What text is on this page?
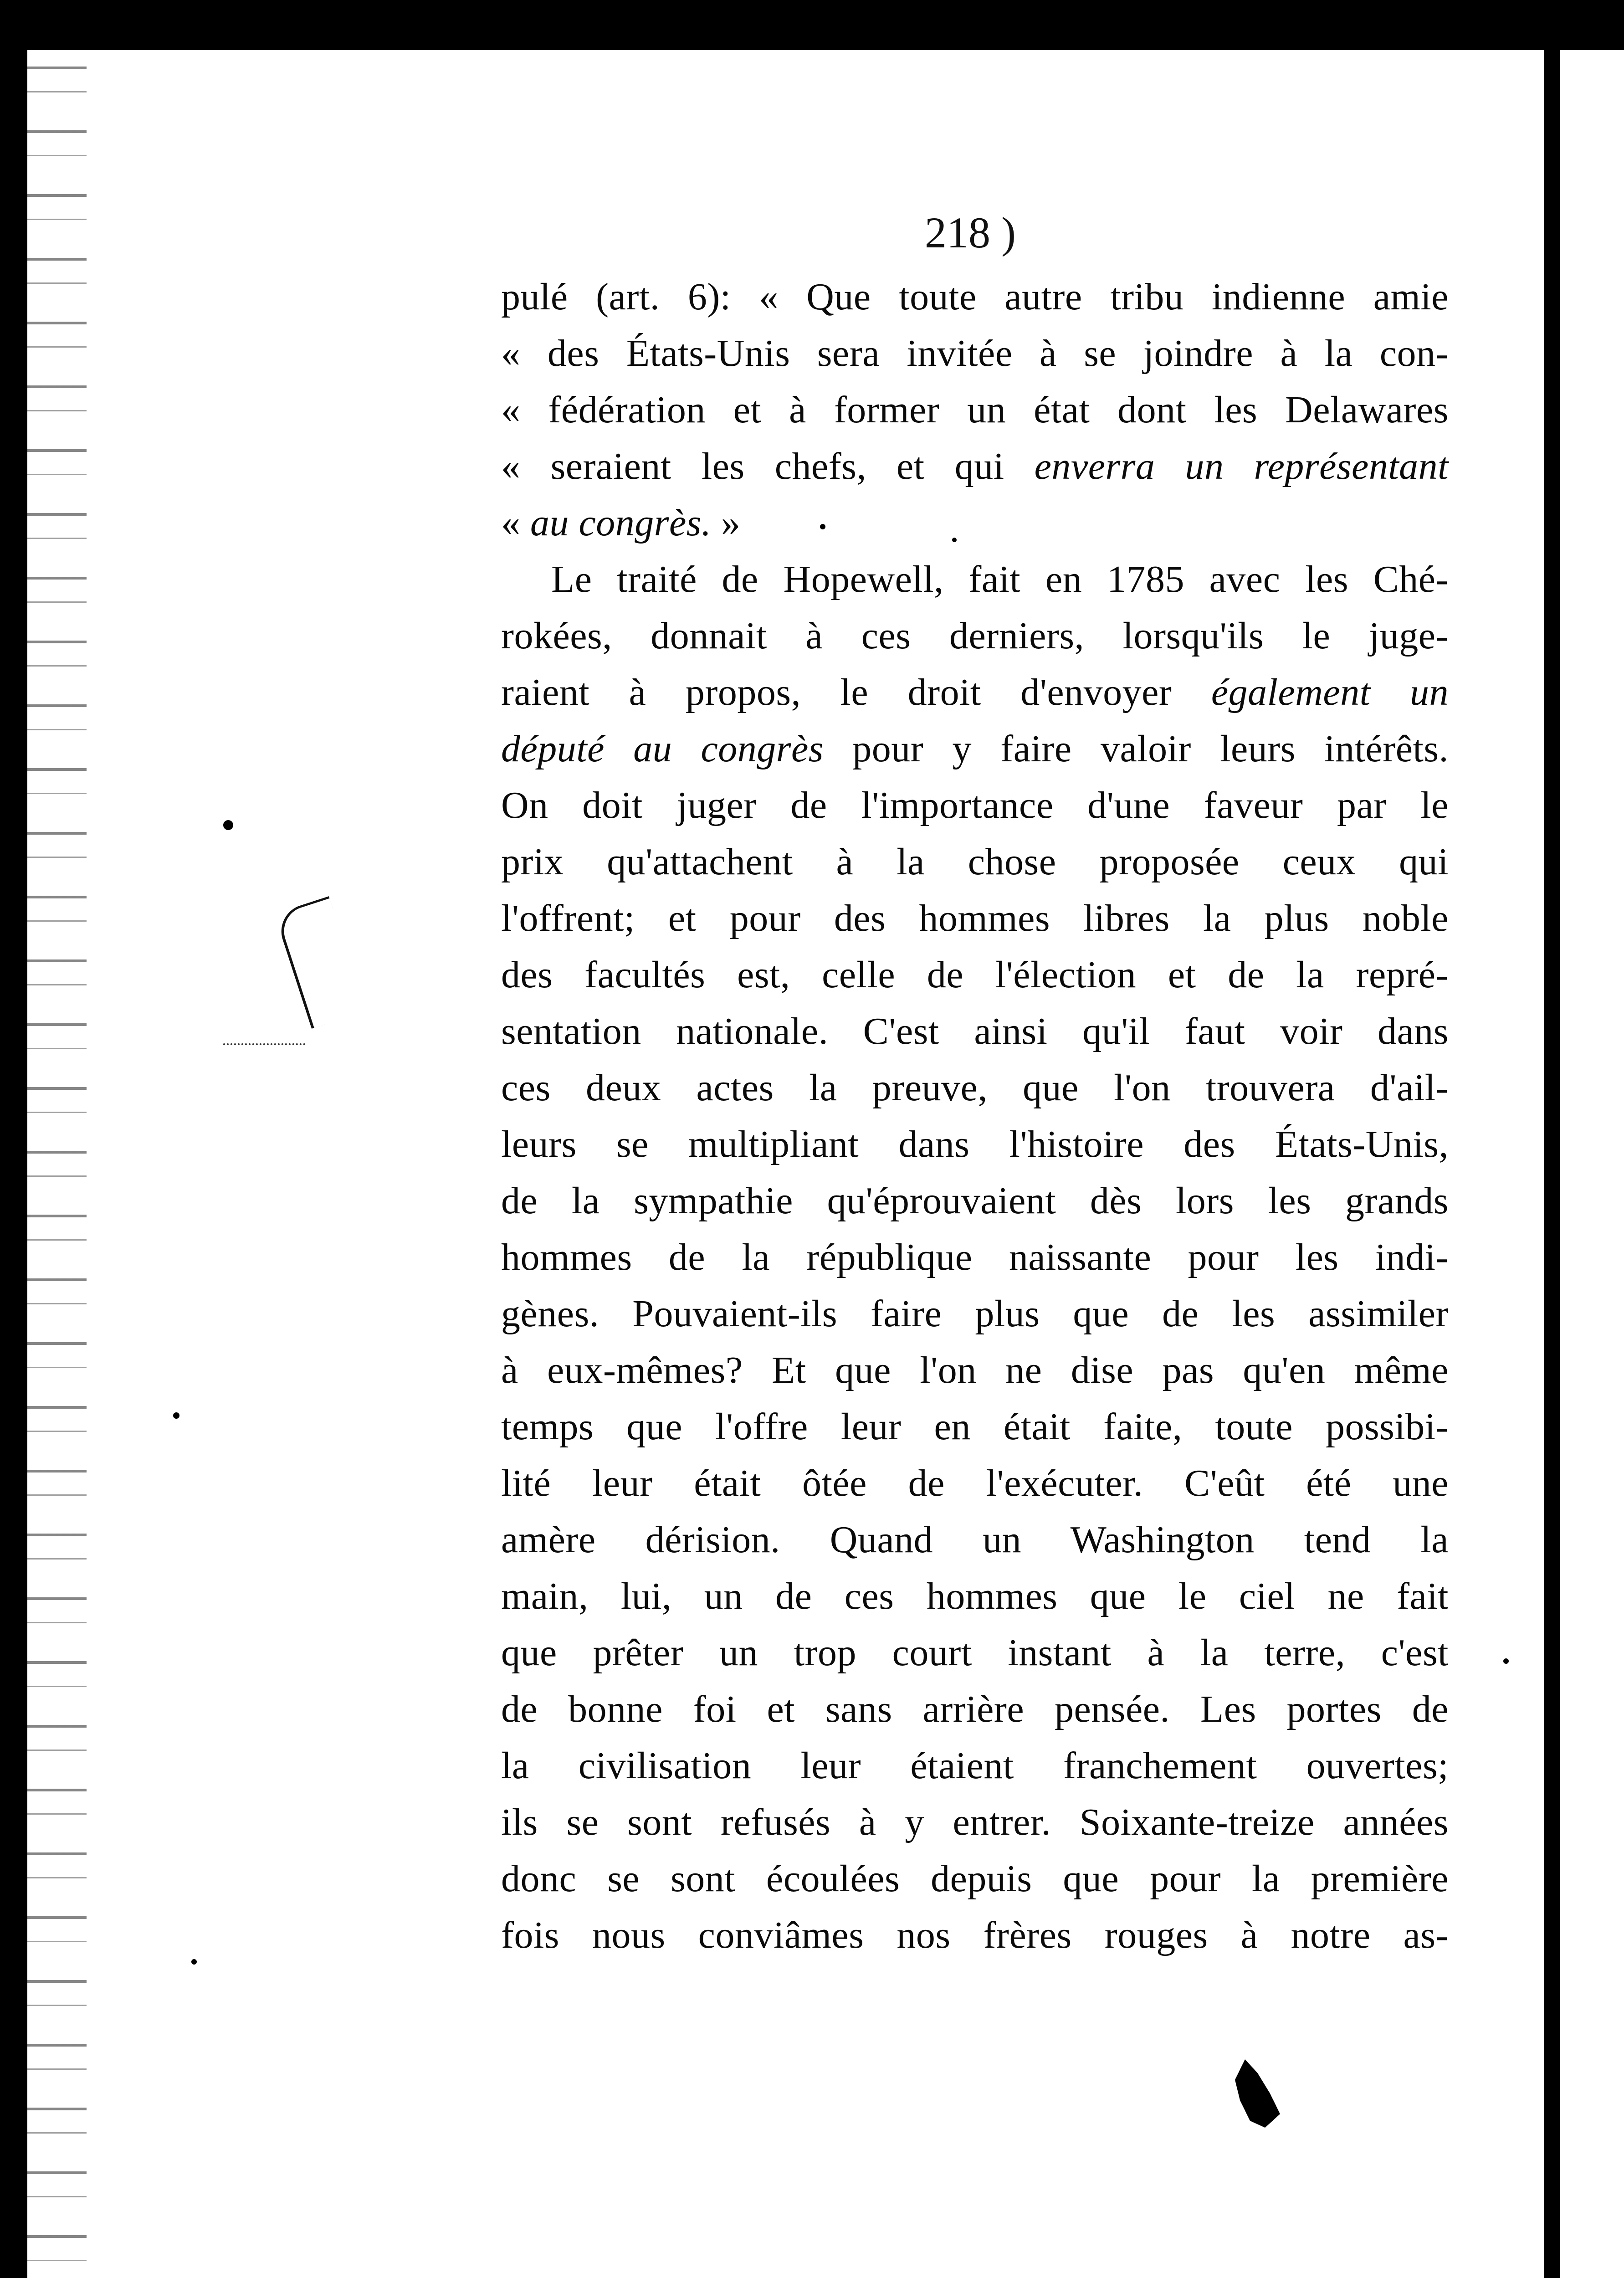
218 )
pulé (art. 6): « Que toute autre tribu indienne amie
« des États-Unis sera invitée à se joindre à la con-
« fédération et à former un état dont les Delawares
« seraient les chefs, et qui enverra un représentant
« au congrès. »
Le traité de Hopewell, fait en 1785 avec les Ché-
rokées, donnait à ces derniers, lorsqu'ils le juge-
raient à propos, le droit d'envoyer également un
député au congrès pour y faire valoir leurs intérêts.
On doit juger de l'importance d'une faveur par le
prix qu'attachent à la chose proposée ceux qui
l'offrent; et pour des hommes libres la plus noble
des facultés est, celle de l'élection et de la repré-
sentation nationale. C'est ainsi qu'il faut voir dans
ces deux actes la preuve, que l'on trouvera d'ail-
leurs se multipliant dans l'histoire des États-Unis,
de la sympathie qu'éprouvaient dès lors les grands
hommes de la république naissante pour les indi-
gènes. Pouvaient-ils faire plus que de les assimiler
à eux-mêmes? Et que l'on ne dise pas qu'en même
temps que l'offre leur en était faite, toute possibi-
lité leur était ôtée de l'exécuter. C'eût été une
amère dérision. Quand un Washington tend la
main, lui, un de ces hommes que le ciel ne fait
que prêter un trop court instant à la terre, c'est
de bonne foi et sans arrière pensée. Les portes de
la civilisation leur étaient franchement ouvertes;
ils se sont refusés à y entrer. Soixante-treize années
donc se sont écoulées depuis que pour la première
fois nous conviâmes nos frères rouges à notre as-
